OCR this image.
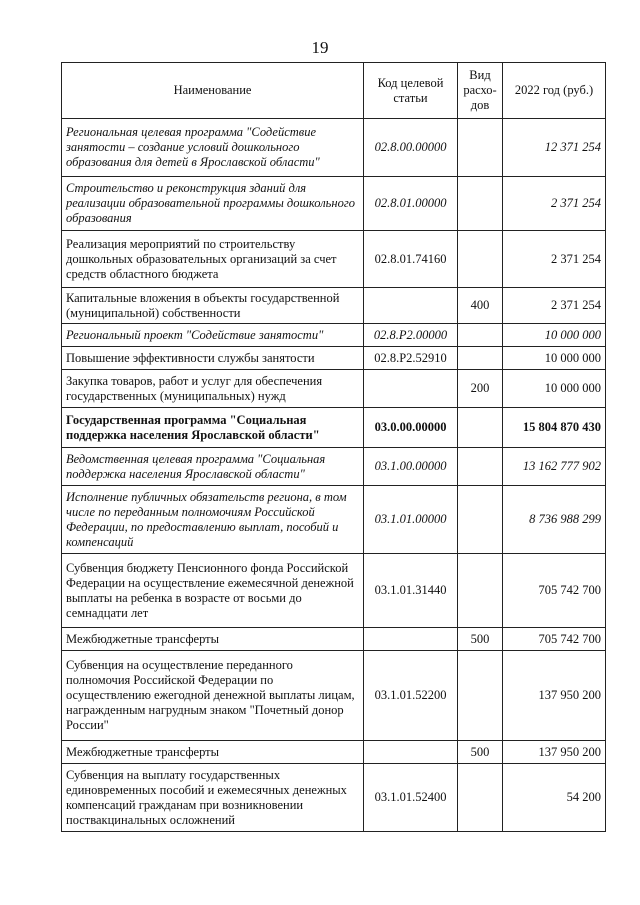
19
Наименование	Код целевой статьи	Вид расхо-дов	2022 год (руб.)
Региональная целевая программа "Содействие занятости – создание условий дошкольного образования для детей в Ярославской области"	02.8.00.00000		12 371 254
Строительство и реконструкция зданий для реализации образовательной программы дошкольного образования	02.8.01.00000		2 371 254
Реализация мероприятий по строительству дошкольных образовательных организаций за счет средств областного бюджета	02.8.01.74160		2 371 254
Капитальные вложения в объекты государственной (муниципальной) собственности		400	2 371 254
Региональный проект "Содействие занятости"	02.8.P2.00000		10 000 000
Повышение эффективности службы занятости	02.8.P2.52910		10 000 000
Закупка товаров, работ и услуг для обеспечения государственных (муниципальных) нужд		200	10 000 000
Государственная программа "Социальная поддержка населения Ярославской области"	03.0.00.00000		15 804 870 430
Ведомственная целевая программа "Социальная поддержка населения Ярославской области"	03.1.00.00000		13 162 777 902
Исполнение публичных обязательств региона, в том числе по переданным полномочиям Российской Федерации, по предоставлению выплат, пособий и компенсаций	03.1.01.00000		8 736 988 299
Субвенция бюджету Пенсионного фонда Российской Федерации на осуществление ежемесячной денежной выплаты на ребенка в возрасте от восьми до семнадцати лет	03.1.01.31440		705 742 700
Межбюджетные трансферты		500	705 742 700
Субвенция на осуществление переданного полномочия Российской Федерации по осуществлению ежегодной денежной выплаты лицам, награжденным нагрудным знаком "Почетный донор России"	03.1.01.52200		137 950 200
Межбюджетные трансферты		500	137 950 200
Субвенция на выплату государственных единовременных пособий и ежемесячных денежных компенсаций гражданам при возникновении поствакцинальных осложнений	03.1.01.52400		54 200
